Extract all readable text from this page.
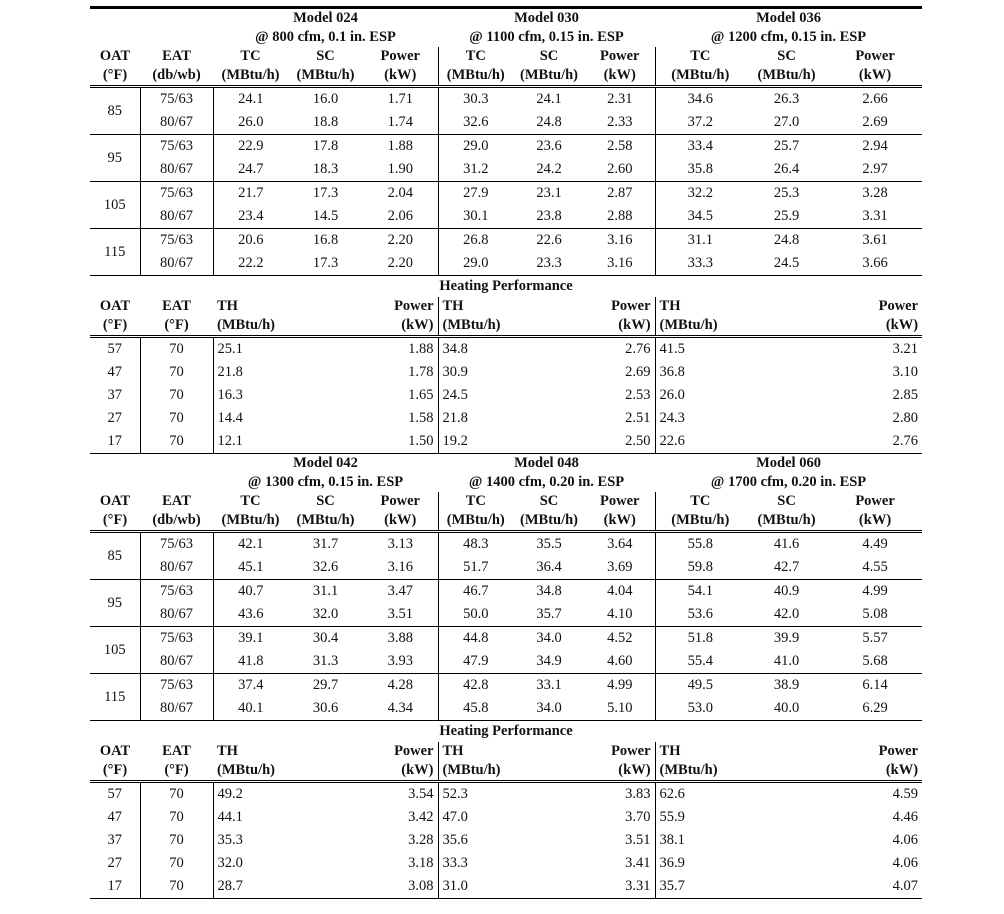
		Model 024			Model 030			Model 036		
		@ 800 cfm, 0.1 in. ESP			@ 1100 cfm, 0.15 in. ESP			@ 1200 cfm, 0.15 in. ESP		
OAT	EAT	TC	SC	Power	TC	SC	Power	TC	SC	Power
(°F)	(db/wb)	(MBtu/h)	(MBtu/h)	(kW)	(MBtu/h)	(MBtu/h)	(kW)	(MBtu/h)	(MBtu/h)	(kW)
85	75/63	24.1	16.0	1.71	30.3	24.1	2.31	34.6	26.3	2.66
	80/67	26.0	18.8	1.74	32.6	24.8	2.33	37.2	27.0	2.69
95	75/63	22.9	17.8	1.88	29.0	23.6	2.58	33.4	25.7	2.94
	80/67	24.7	18.3	1.90	31.2	24.2	2.60	35.8	26.4	2.97
105	75/63	21.7	17.3	2.04	27.9	23.1	2.87	32.2	25.3	3.28
	80/67	23.4	14.5	2.06	30.1	23.8	2.88	34.5	25.9	3.31
115	75/63	20.6	16.8	2.20	26.8	22.6	3.16	31.1	24.8	3.61
	80/67	22.2	17.3	2.20	29.0	23.3	3.16	33.3	24.5	3.66
Heating Performance										
OAT	EAT	TH		Power	TH		Power	TH		Power
(°F)	(°F)	(MBtu/h)		(kW)	(MBtu/h)		(kW)	(MBtu/h)		(kW)
57	70	25.1		1.88	34.8		2.76	41.5		3.21
47	70	21.8		1.78	30.9		2.69	36.8		3.10
37	70	16.3		1.65	24.5		2.53	26.0		2.85
27	70	14.4		1.58	21.8		2.51	24.3		2.80
17	70	12.1		1.50	19.2		2.50	22.6		2.76
		Model 042			Model 048			Model 060		
		@ 1300 cfm, 0.15 in. ESP			@ 1400 cfm, 0.20 in. ESP			@ 1700 cfm, 0.20 in. ESP		
OAT	EAT	TC	SC	Power	TC	SC	Power	TC	SC	Power
(°F)	(db/wb)	(MBtu/h)	(MBtu/h)	(kW)	(MBtu/h)	(MBtu/h)	(kW)	(MBtu/h)	(MBtu/h)	(kW)
85	75/63	42.1	31.7	3.13	48.3	35.5	3.64	55.8	41.6	4.49
	80/67	45.1	32.6	3.16	51.7	36.4	3.69	59.8	42.7	4.55
95	75/63	40.7	31.1	3.47	46.7	34.8	4.04	54.1	40.9	4.99
	80/67	43.6	32.0	3.51	50.0	35.7	4.10	53.6	42.0	5.08
105	75/63	39.1	30.4	3.88	44.8	34.0	4.52	51.8	39.9	5.57
	80/67	41.8	31.3	3.93	47.9	34.9	4.60	55.4	41.0	5.68
115	75/63	37.4	29.7	4.28	42.8	33.1	4.99	49.5	38.9	6.14
	80/67	40.1	30.6	4.34	45.8	34.0	5.10	53.0	40.0	6.29
Heating Performance										
OAT	EAT	TH		Power	TH		Power	TH		Power
(°F)	(°F)	(MBtu/h)		(kW)	(MBtu/h)		(kW)	(MBtu/h)		(kW)
57	70	49.2		3.54	52.3		3.83	62.6		4.59
47	70	44.1		3.42	47.0		3.70	55.9		4.46
37	70	35.3		3.28	35.6		3.51	38.1		4.06
27	70	32.0		3.18	33.3		3.41	36.9		4.06
17	70	28.7		3.08	31.0		3.31	35.7		4.07
